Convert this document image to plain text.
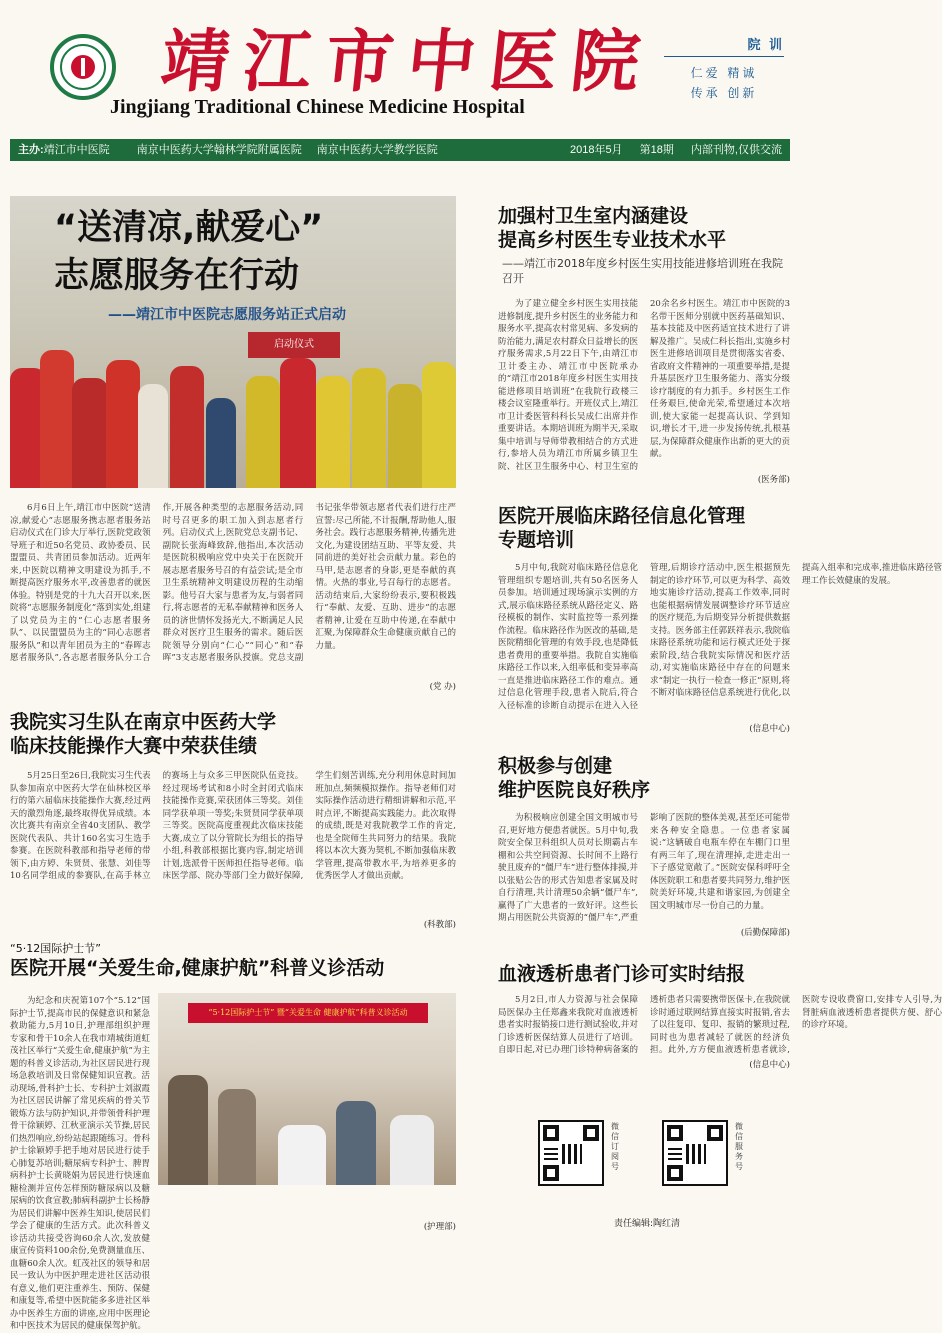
靖江市中医院
Jingjiang Traditional Chinese Medicine Hospital
院 训
仁爱 精诚
传承 创新
主办:靖江市中医院 南京中医药大学翰林学院附属医院 南京中医药大学教学医院	2018年5月 第18期 内部刊物,仅供交流
启动仪式
“送清凉,献爱心”
志愿服务在行动
——靖江市中医院志愿服务站正式启动
6月6日上午,靖江市中医院“送清凉,献爱心”志愿服务携志愿者服务站启动仪式在门诊大厅举行,医院党政领导班子和近50名党员、政协委员、民盟盟员、共青团员参加活动。近两年来,中医院以精神文明建设为抓手,不断提高医疗服务水平,改善患者的就医体验。特别是党的十九大召开以来,医院将“志愿服务制度化”落到实处,组建了以党员为主的“仁心志愿者服务队”、以民盟盟员为主的“同心志愿者服务队”和以青年团员为主的“春晖志愿者服务队”,各志愿者服务队分工合作,开展各种类型的志愿服务活动,同时号召更多的职工加入到志愿者行列。启动仪式上,医院党总支副书记、副院长张海峰致辞,他指出,本次活动是医院积极响应党中央关于在医院开展志愿者服务号召的有益尝试;是全市卫生系统精神文明建设历程的生动缩影。他号召大家与患者为友,与弱者同行,将志愿者的无私奉献精神和医务人员的济世情怀发扬光大,不断满足人民群众对医疗卫生服务的需求。随后医院领导分别向“仁心”“同心”和“春晖”3支志愿者服务队授旗。党总支副书记张华带领志愿者代表们进行庄严宣誓:尽己所能,不计报酬,帮助他人,服务社会。践行志愿服务精神,传播先进文化,为建设团结互助、平等友爱、共同前进的美好社会贡献力量。彩色的马甲,是志愿者的身影,更是奉献的真情。火热的事业,号召每行的志愿者。活动结束后,大家纷纷表示,要积极践行“奉献、友爱、互助、进步”的志愿者精神,让爱在互助中传递,在奉献中汇聚,为保障群众生命健康贡献自己的力量。
(党 办)
加强村卫生室内涵建设
提高乡村医生专业技术水平
——靖江市2018年度乡村医生实用技能进修培训班在我院召开
为了建立健全乡村医生实用技能进修制度,提升乡村医生的业务能力和服务水平,提高农村常见病、多发病的防治能力,满足农村群众日益增长的医疗服务需求,5月22日下午,由靖江市卫计委主办、靖江市中医院承办的“靖江市2018年度乡村医生实用技能进修项目培训班”在我院行政楼三楼会议室隆重举行。开班仪式上,靖江市卫计委医管科科长吴成仁出席并作重要讲话。本期培训班为期半天,采取集中培训与导师带教相结合的方式进行,参培人员为靖江市所属乡镇卫生院、社区卫生服务中心、村卫生室的20余名乡村医生。靖江市中医院的3名带干医师分别就中医药基础知识、基本技能及中医药适宜技术进行了讲解及推广。吴成仁科长指出,实施乡村医生进修培训项目是贯彻落实省委、省政府文件精神的一项重要举措,是提升基层医疗卫生服务能力、落实分级诊疗制度的有力抓手。乡村医生工作任务艰巨,使命光荣,希望通过本次培训,使大家能一起提高认识、学到知识,增长才干,进一步发扬传统,扎根基层,为保障群众健康作出新的更大的贡献。
(医务部)
医院开展临床路径信息化管理
专题培训
5月中旬,我院对临床路径信息化管理组织专题培训,共有50名医务人员参加。培训通过现场演示实例的方式,展示临床路径系统从路径定义、路径模板的制作、实时监控等一系列操作流程。临床路径作为医改的基础,是医院精细化管理的有效手段,也是降低患者费用的重要举措。我院自实施临床路径工作以来,入组率低和变异率高一直是推进临床路径工作的难点。通过信息化管理手段,患者入院后,符合入径标准的诊断自动提示在进入入径管理,后期诊疗活动中,医生根据预先制定的诊疗环节,可以更为科学、高效地实施诊疗活动,提高工作效率,同时也能根据病情发展调整诊疗环节适应的医疗规范,为后期变异分析提供数据支持。医务部主任郭跃祥表示,我院临床路径系统功能和运行模式还处于探索阶段,结合我院实际情况和医疗活动,对实施临床路径中存在的问题来求“制定一执行一检查一修正”原则,将不断对临床路径信息系统进行优化,以提高入组率和完成率,推进临床路径管理工作长效健康的发展。
(信息中心)
我院实习生队在南京中医药大学
临床技能操作大赛中荣获佳绩
5月25日至26日,我院实习生代表队参加南京中医药大学在仙林校区举行的第六届临床技能操作大赛,经过两天的激烈角逐,最终取得优异成绩。本次比赛共有南京全省40支团队、教学医院代表队、共计160名实习生选手参赛。在医院科教部和指导老师的带领下,由方婷、朱贤贤、张慧、刘佳等10名同学组成的参赛队,在高手林立的赛场上与众多三甲医院队伍竞技。经过现场考试和8小时全封闭式临床技能操作竞赛,荣获团体三等奖。刘佳同学获单项一等奖;朱贤贤同学获单项三等奖。医院高度重视此次临床技能大赛,成立了以分管院长为组长的指导小组,科教部根据比赛内容,制定培训计划,选派骨干医师担任指导老师。临床医学部、院办等部门全力做好保障,学生们刻苦训练,充分利用休息时间加班加点,频频模拟操作。指导老师们对实际操作活动进行精细讲解和示范,平时点评,不断提高实践能力。此次取得的成绩,既是对我院教学工作的肯定,也是全院师生共同努力的结果。我院将以本次大赛为契机,不断加强临床教学管理,提高带教水平,为培养更多的优秀医学人才做出贡献。
(科教部)
积极参与创建
维护医院良好秩序
为积极响应创建全国文明城市号召,更好地方便患者就医。5月中旬,我院安全保卫科组织人员对长期霸占车棚和公共空间资源、长时间不上路行驶且废弃的“僵尸车”进行整体排摸,并以张贴公告的形式告知患者家属及时自行清理,共计清理50余辆“僵尸车”,赢得了广大患者的一致好评。这些长期占用医院公共资源的“僵尸车”,严重影响了医院的整体美观,甚至还可能带来各种安全隐患。一位患者家属说:“这辆破自电瓶车停在车棚门口里有两三年了,现在清理掉,走进走出一下子感觉宽敞了。”医院安保科呼吁全体医院职工和患者要共同努力,维护医院美好环境,共建和谐家园,为创建全国文明城市尽一份自己的力量。
(后勤保障部)
“5·12国际护士节”
医院开展“关爱生命,健康护航”科普义诊活动
为纪念和庆祝第107个“5.12”国际护士节,提高市民的保健意识和紧急救助能力,5月10日,护理部组织护理专家和骨干10余人在我市靖城街道虹茂社区举行“关爱生命,健康护航”为主题的科普义诊活动,为社区居民进行现场急救培训及日常保健知识宣教。活动现场,骨科护士长、专科护士刘淑霞为社区居民讲解了常见疾病的骨关节锻炼方法与防护知识,并带领骨科护理骨干徐颖婷、江秋亚演示关节操,居民们热烈响应,纷纷站起跟随练习。骨科护士徐颖婷手把手地对居民进行徒手心肺复苏培训;糖尿病专科护士、脾胃病科护士长黄晓娟为居民进行快速血糖检测并宣传怎样预防糖尿病以及糖尿病的饮食宣教;肺病科副护士长杨静为居民们讲解中医养生知识,使居民们学会了健康的生活方式。此次科普义诊活动共接受咨询60余人次,发放健康宣传资料100余份,免费测量血压、血糖60余人次。虹茂社区的领导和居民一致认为中医护理走进社区活动很有意义,他们更注重养生、预防、保健和康复等,希望中医院能多多进社区举办中医养生方面的讲座,应用中医理论和中医技术为居民的健康保驾护航。
“5·12国际护士节” 暨“关爱生命 健康护航”科普义诊活动
(护理部)
血液透析患者门诊可实时结报
5月2日,市人力资源与社会保障局医保办主任郑鑫来我院对血液透析患者实时报销接口进行测试验收,并对门诊透析医保结算人员进行了培训。自即日起,对已办理门诊特种病备案的透析患者只需要携带医保卡,在我院就诊时通过联网结算直接实时报销,省去了以往复印、复印、报销的繁琐过程,同时也为患者减轻了就医的经济负担。此外,方方便血液透析患者就诊,医院专设收费窗口,安排专人引导,为肾脏病血液透析患者提供方便、舒心的诊疗环境。
(信息中心)
微信订阅号
微信服务号
责任编辑:陶红清
